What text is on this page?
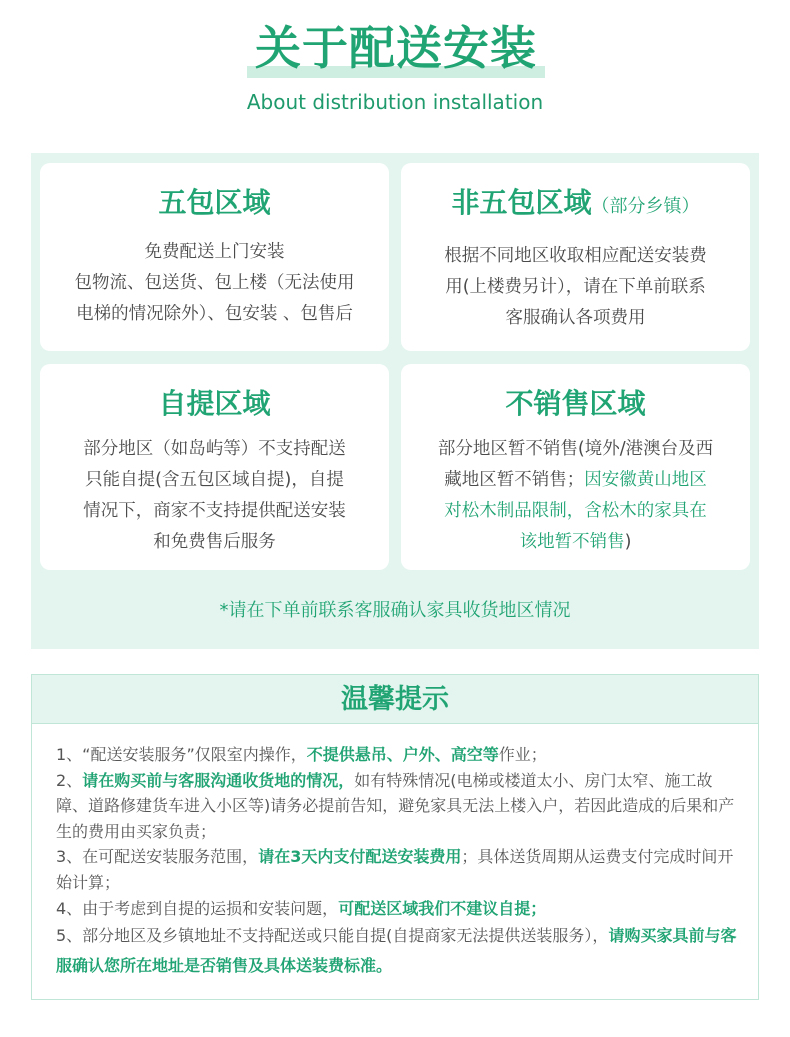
关于配送安装
About distribution installation
五包区域
免费配送上门安装
包物流、包送货、包上楼（无法使用
电梯的情况除外）、包安装 、包售后
非五包区域（部分乡镇）
根据不同地区收取相应配送安装费
用(上楼费另计），请在下单前联系
客服确认各项费用
自提区域
部分地区（如岛屿等）不支持配送
只能自提(含五包区域自提)，自提
情况下，商家不支持提供配送安装
和免费售后服务
不销售区域
部分地区暂不销售(境外/港澳台及西
藏地区暂不销售；因安徽黄山地区
对松木制品限制，含松木的家具在
该地暂不销售)
*请在下单前联系客服确认家具收货地区情况
温馨提示
1、“配送安装服务”仅限室内操作，不提供悬吊、户外、高空等作业；
2、请在购买前与客服沟通收货地的情况，如有特殊情况(电梯或楼道太小、房门太窄、施工故障、道路修建货车进入小区等)请务必提前告知，避免家具无法上楼入户，若因此造成的后果和产生的费用由买家负责；
3、在可配送安装服务范围，请在3天内支付配送安装费用；具体送货周期从运费支付完成时间开始计算；
4、由于考虑到自提的运损和安装问题，可配送区域我们不建议自提；
5、部分地区及乡镇地址不支持配送或只能自提(自提商家无法提供送装服务），请购买家具前与客服确认您所在地址是否销售及具体送装费标准。
